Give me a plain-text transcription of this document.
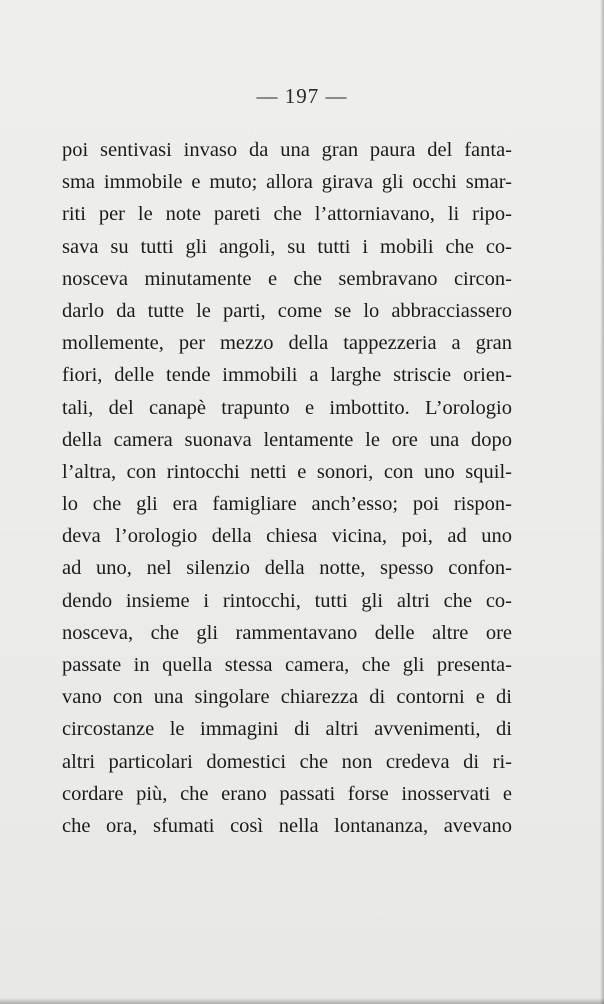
— 197 —
poi sentivasi invaso da una gran paura del fanta-
sma immobile e muto; allora girava gli occhi smar-
riti per le note pareti che l’attorniavano, li ripo-
sava su tutti gli angoli, su tutti i mobili che co-
nosceva minutamente e che sembravano circon-
darlo da tutte le parti, come se lo abbracciassero
mollemente, per mezzo della tappezzeria a gran
fiori, delle tende immobili a larghe striscie orien-
tali, del canapè trapunto e imbottito. L’orologio
della camera suonava lentamente le ore una dopo
l’altra, con rintocchi netti e sonori, con uno squil-
lo che gli era famigliare anch’esso; poi rispon-
deva l’orologio della chiesa vicina, poi, ad uno
ad uno, nel silenzio della notte, spesso confon-
dendo insieme i rintocchi, tutti gli altri che co-
nosceva, che gli rammentavano delle altre ore
passate in quella stessa camera, che gli presenta-
vano con una singolare chiarezza di contorni e di
circostanze le immagini di altri avvenimenti, di
altri particolari domestici che non credeva di ri-
cordare più, che erano passati forse inosservati e
che ora, sfumati così nella lontananza, avevano
